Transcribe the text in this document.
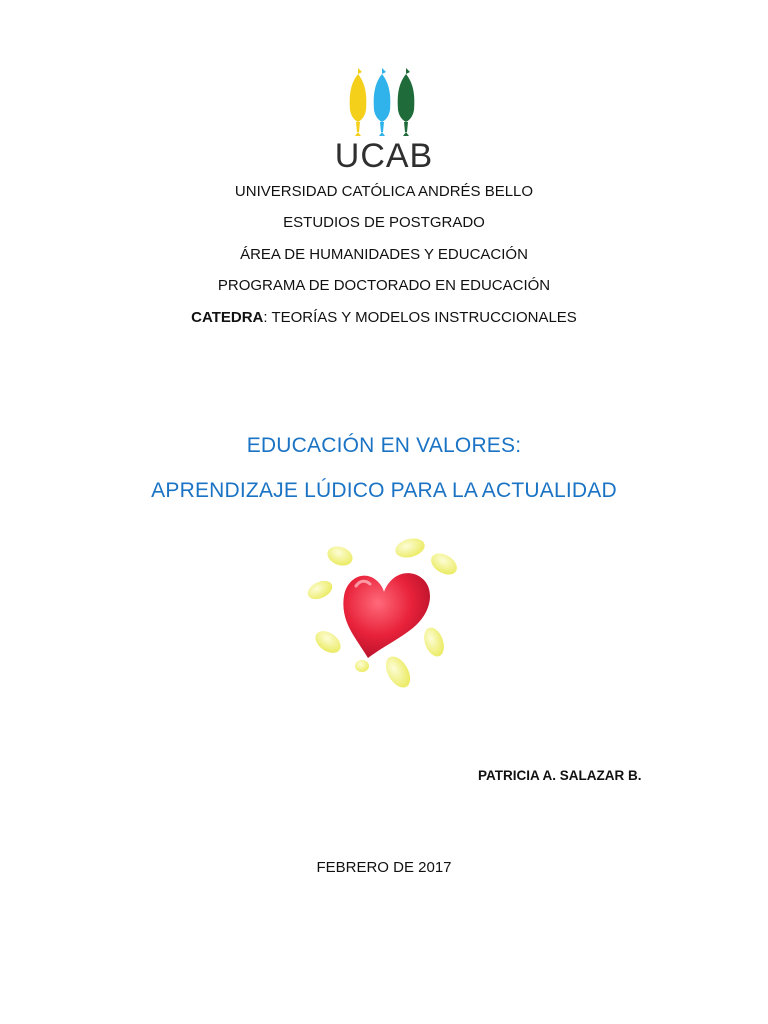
UCAB
UNIVERSIDAD CATÓLICA ANDRÉS BELLO
ESTUDIOS DE POSTGRADO
ÁREA DE HUMANIDADES Y EDUCACIÓN
PROGRAMA DE DOCTORADO EN EDUCACIÓN
CATEDRA: TEORÍAS Y MODELOS INSTRUCCIONALES
EDUCACIÓN EN VALORES:
APRENDIZAJE LÚDICO PARA LA ACTUALIDAD
PATRICIA A. SALAZAR B.
FEBRERO DE 2017
